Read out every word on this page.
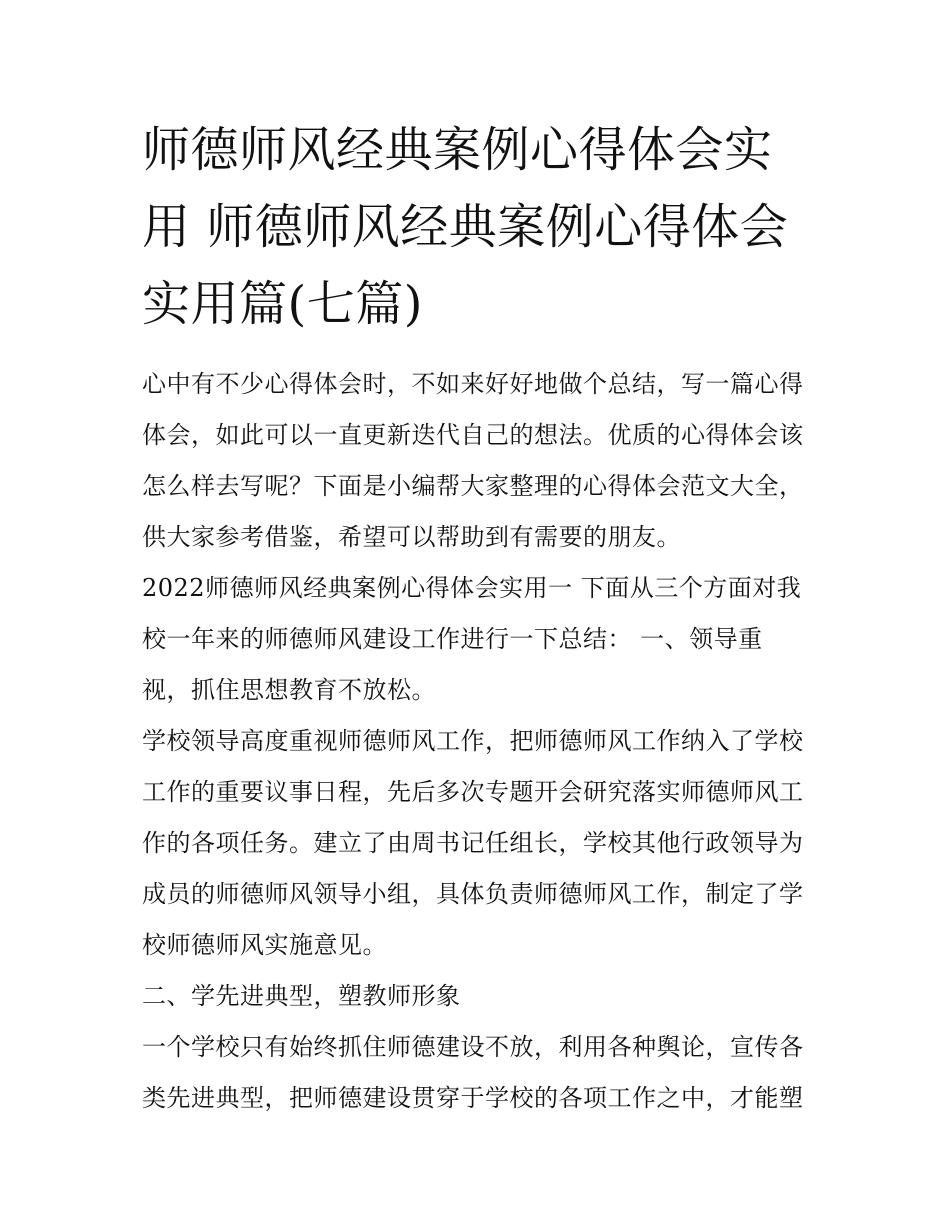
师德师风经典案例心得体会实用 师德师风经典案例心得体会实用篇(七篇)

心中有不少心得体会时，不如来好好地做个总结，写一篇心得体会，如此可以一直更新迭代自己的想法。优质的心得体会该怎么样去写呢？下面是小编帮大家整理的心得体会范文大全，供大家参考借鉴，希望可以帮助到有需要的朋友。

2022师德师风经典案例心得体会实用一 下面从三个方面对我校一年来的师德师风建设工作进行一下总结： 一、领导重视，抓住思想教育不放松。

学校领导高度重视师德师风工作，把师德师风工作纳入了学校工作的重要议事日程，先后多次专题开会研究落实师德师风工作的各项任务。建立了由周书记任组长，学校其他行政领导为成员的师德师风领导小组，具体负责师德师风工作，制定了学校师德师风实施意见。

二、学先进典型，塑教师形象

一个学校只有始终抓住师德建设不放，利用各种舆论，宣传各类先进典型，把师德建设贯穿于学校的各项工作之中，才能塑
